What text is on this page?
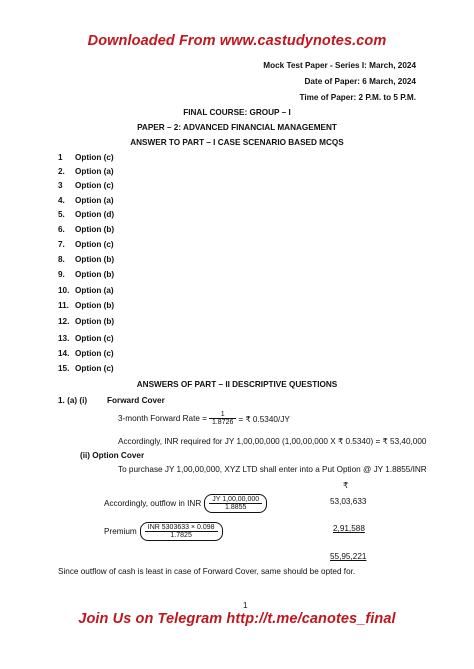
Downloaded From www.castudynotes.com
Mock Test Paper - Series I: March, 2024
Date of Paper: 6 March, 2024
Time of Paper: 2 P.M. to 5 P.M.
FINAL COURSE: GROUP – I
PAPER – 2: ADVANCED FINANCIAL MANAGEMENT
ANSWER TO PART – I CASE SCENARIO BASED MCQS
1 Option (c)
2. Option (a)
3 Option (c)
4. Option (a)
5. Option (d)
6. Option (b)
7. Option (c)
8. Option (b)
9. Option (b)
10. Option (a)
11. Option (b)
12. Option (b)
13. Option (c)
14. Option (c)
15. Option (c)
ANSWERS OF PART – II DESCRIPTIVE QUESTIONS
1. (a) (i) Forward Cover
3-month Forward Rate = $\frac{1}{1.8726}$ = ₹ 0.5340/JY
Accordingly, INR required for JY 1,00,00,000 (1,00,00,000 X ₹ 0.5340) = ₹ 53,40,000
(ii) Option Cover
To purchase JY 1,00,00,000, XYZ LTD shall enter into a Put Option @ JY 1.8855/INR
₹
Accordingly, outflow in INR $\frac{JY 1,00,00,000}{1.8855}$	53,03,633
Premium $\frac{\text{INR 5303633 × 0.098}}{1.7825}$	2,91,588
55,95,221
Since outflow of cash is least in case of Forward Cover, same should be opted for.
1
Join Us on Telegram http://t.me/canotes_final
